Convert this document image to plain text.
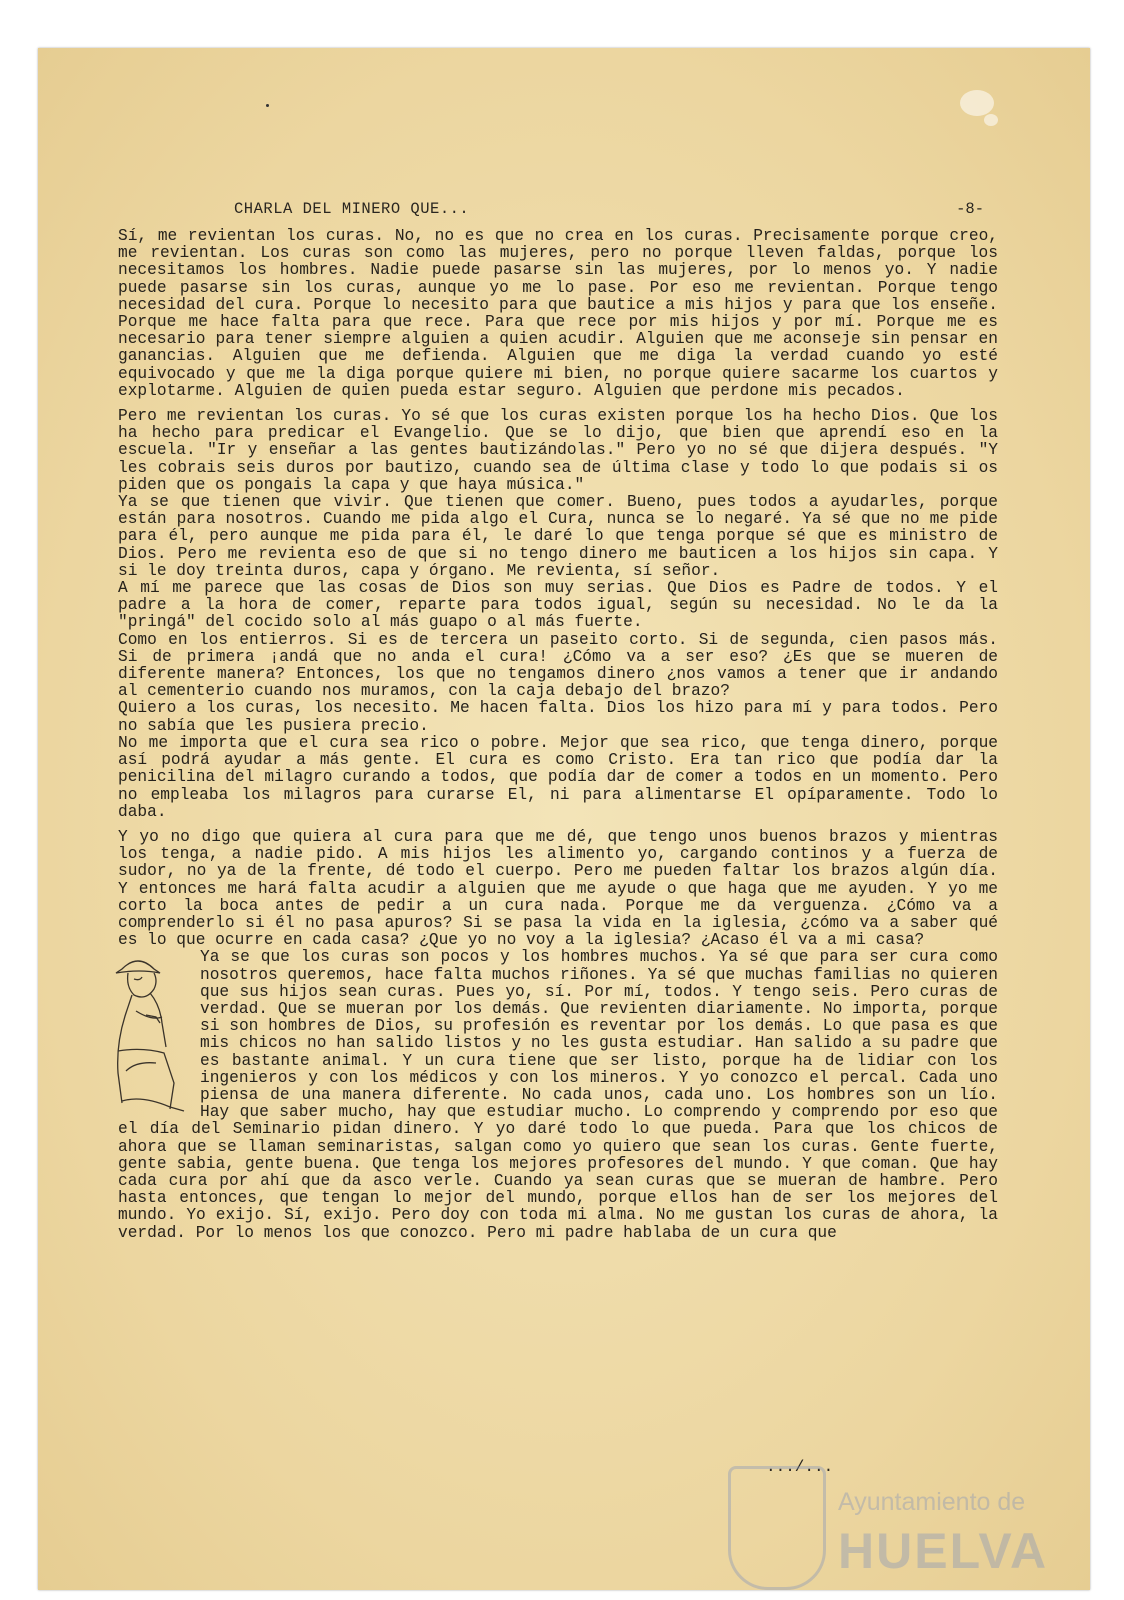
CHARLA DEL MINERO QUE...	-8-

Sí, me revientan los curas. No, no es que no crea en los curas. Precisamente porque creo, me revientan. Los curas son como las mujeres, pero no porque lleven faldas, porque los necesitamos los hombres. Nadie puede pasarse sin las mujeres, por lo menos yo. Y nadie puede pasarse sin los curas, aunque yo me lo pase. Por eso me revientan. Porque tengo necesidad del cura. Porque lo necesito para que bautice a mis hijos y para que los enseñe. Porque me hace falta para que rece. Para que rece por mis hijos y por mí. Porque me es necesario para tener siempre alguien a quien acudir. Alguien que me aconseje sin pensar en ganancias. Alguien que me defienda. Alguien que me diga la verdad cuando yo esté equivocado y que me la diga porque quiere mi bien, no porque quiere sacarme los cuartos y explotarme. Alguien de quien pueda estar seguro. Alguien que perdone mis pecados.

Pero me revientan los curas. Yo sé que los curas existen porque los ha hecho Dios. Que los ha hecho para predicar el Evangelio. Que se lo dijo, que bien que aprendí eso en la escuela. "Ir y enseñar a las gentes bautizándolas." Pero yo no sé que dijera después. "Y les cobrais seis duros por bautizo, cuando sea de última clase y todo lo que podais si os piden que os pongais la capa y que haya música."

Ya se que tienen que vivir. Que tienen que comer. Bueno, pues todos a ayudarles, porque están para nosotros. Cuando me pida algo el Cura, nunca se lo negaré. Ya sé que no me pide para él, pero aunque me pida para él, le daré lo que tenga porque sé que es ministro de Dios. Pero me revienta eso de que si no tengo dinero me bauticen a los hijos sin capa. Y si le doy treinta duros, capa y órgano. Me revienta, sí señor.

A mí me parece que las cosas de Dios son muy serias. Que Dios es Padre de todos. Y el padre a la hora de comer, reparte para todos igual, según su necesidad. No le da la "pringá" del cocido solo al más guapo o al más fuerte.

Como en los entierros. Si es de tercera un paseito corto. Si de segunda, cien pasos más. Si de primera ¡andá que no anda el cura! ¿Cómo va a ser eso? ¿Es que se mueren de diferente manera? Entonces, los que no tengamos dinero ¿nos vamos a tener que ir andando al cementerio cuando nos muramos, con la caja debajo del brazo?

Quiero a los curas, los necesito. Me hacen falta. Dios los hizo para mí y para todos. Pero no sabía que les pusiera precio.

No me importa que el cura sea rico o pobre. Mejor que sea rico, que tenga dinero, porque así podrá ayudar a más gente. El cura es como Cristo. Era tan rico que podía dar la penicilina del milagro curando a todos, que podía dar de comer a todos en un momento. Pero no empleaba los milagros para curarse El, ni para alimentarse El opíparamente. Todo lo daba.

Y yo no digo que quiera al cura para que me dé, que tengo unos buenos brazos y mientras los tenga, a nadie pido. A mis hijos les alimento yo, cargando continos y a fuerza de sudor, no ya de la frente, dé todo el cuerpo. Pero me pueden faltar los brazos algún día. Y entonces me hará falta acudir a alguien que me ayude o que haga que me ayuden. Y yo me corto la boca antes de pedir a un cura nada. Porque me da verguenza. ¿Cómo va a comprenderlo si él no pasa apuros? Si se pasa la vida en la iglesia, ¿cómo va a saber qué es lo que ocurre en cada casa? ¿Que yo no voy a la iglesia? ¿Acaso él va a mi casa?

Ya se que los curas son pocos y los hombres muchos. Ya sé que para ser cura como nosotros queremos, hace falta muchos riñones. Ya sé que muchas familias no quieren que sus hijos sean curas. Pues yo, sí. Por mí, todos. Y tengo seis. Pero curas de verdad. Que se mueran por los demás. Que revienten diariamente. No importa, porque si son hombres de Dios, su profesión es reventar por los demás. Lo que pasa es que mis chicos no han salido listos y no les gusta estudiar. Han salido a su padre que es bastante animal. Y un cura tiene que ser listo, porque ha de lidiar con los ingenieros y con los médicos y con los mineros. Y yo conozco el percal. Cada uno piensa de una manera diferente. No cada unos, cada uno. Los hombres son un lío. Hay que saber mucho, hay que estudiar mucho. Lo comprendo y comprendo por eso que el día del Seminario pidan dinero. Y yo daré todo lo que pueda. Para que los chicos de ahora que se llaman seminaristas, salgan como yo quiero que sean los curas. Gente fuerte, gente sabia, gente buena. Que tenga los mejores profesores del mundo. Y que coman. Que hay cada cura por ahí que da asco verle. Cuando ya sean curas que se mueran de hambre. Pero hasta entonces, que tengan lo mejor del mundo, porque ellos han de ser los mejores del mundo. Yo exijo. Sí, exijo. Pero doy con toda mi alma. No me gustan los curas de ahora, la verdad. Por lo menos los que conozco. Pero mi padre hablaba de un cura que
.../...
Ayuntamiento de
HUELVA
